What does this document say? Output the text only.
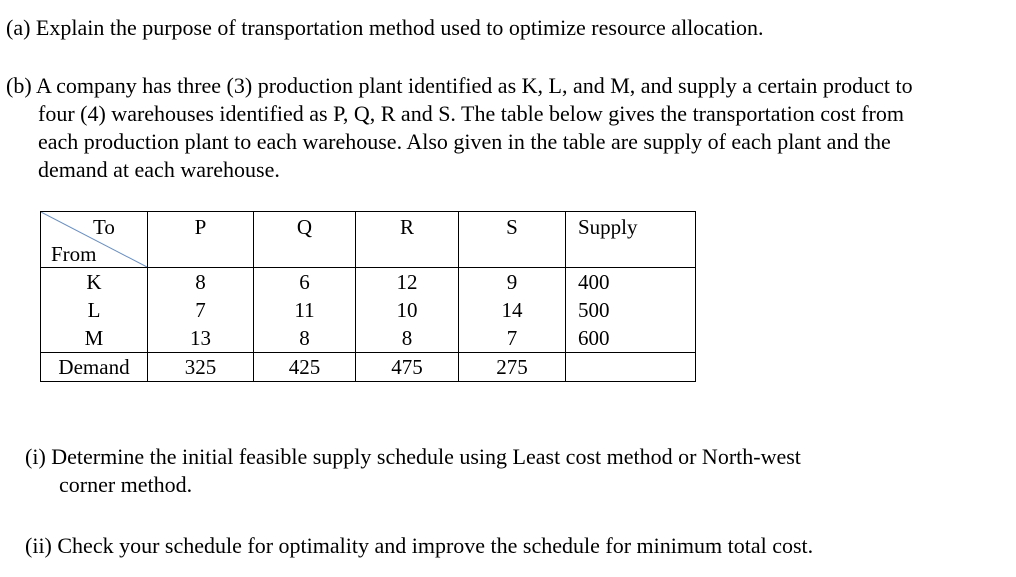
(a) Explain the purpose of transportation method used to optimize resource allocation.

(b) A company has three (3) production plant identified as K, L, and M, and supply a certain product to
four (4) warehouses identified as P, Q, R and S. The table below gives the transportation cost from
each production plant to each warehouse. Also given in the table are supply of each plant and the
demand at each warehouse.

To
From	P	Q	R	S	Supply
K	8	6	12	9	400
L	7	11	10	14	500
M	13	8	8	7	600
Demand	325	425	475	275	

(i) Determine the initial feasible supply schedule using Least cost method or North-west
corner method.

(ii) Check your schedule for optimality and improve the schedule for minimum total cost.
